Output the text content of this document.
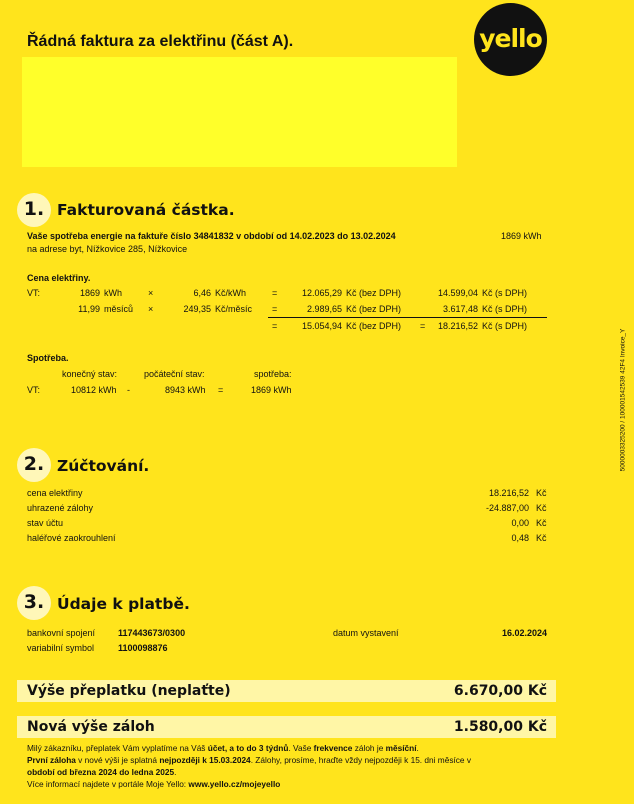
Řádná faktura za elektřinu (část A).	yello
5000003325200 / 100001542539 42F4 Invoice_Y
1. Fakturovaná částka.
Vaše spotřeba energie na faktuře číslo 34841832 v období od 14.02.2023 do 13.02.2024	1869 kWh
na adrese byt, Nížkovice 285, Nížkovice
Cena elektřiny.
VT:	1869 kWh	×	6,46 Kč/kWh	=	12.065,29 Kč (bez DPH)	14.599,04 Kč (s DPH)
11,99 měsíců ×	249,35 Kč/měsíc =	2.989,65 Kč (bez DPH)	3.617,48 Kč (s DPH)
=	15.054,94 Kč (bez DPH) =	18.216,52 Kč (s DPH)
Spotřeba.
konečný stav:	počáteční stav:	spotřeba:
VT:	10812 kWh -	8943 kWh =	1869 kWh
2. Zúčtování.
cena elektřiny	18.216,52 Kč
uhrazené zálohy	-24.887,00 Kč
stav účtu	0,00 Kč
haléřové zaokrouhlení	0,48 Kč
3. Údaje k platbě.
bankovní spojení	117443673/0300	datum vystavení	16.02.2024
variabilní symbol	1100098876
Výše přeplatku (neplaťte)	6.670,00 Kč
Nová výše záloh	1.580,00 Kč
Milý zákazníku, přeplatek Vám vyplatíme na Váš účet, a to do 3 týdnů. Vaše frekvence záloh je měsíční.
První záloha v nové výši je splatná nejpozději k 15.03.2024. Zálohy, prosíme, hraďte vždy nejpozději k 15. dni měsíce v
období od března 2024 do ledna 2025.
Více informací najdete v portále Moje Yello: www.yello.cz/mojeyello
